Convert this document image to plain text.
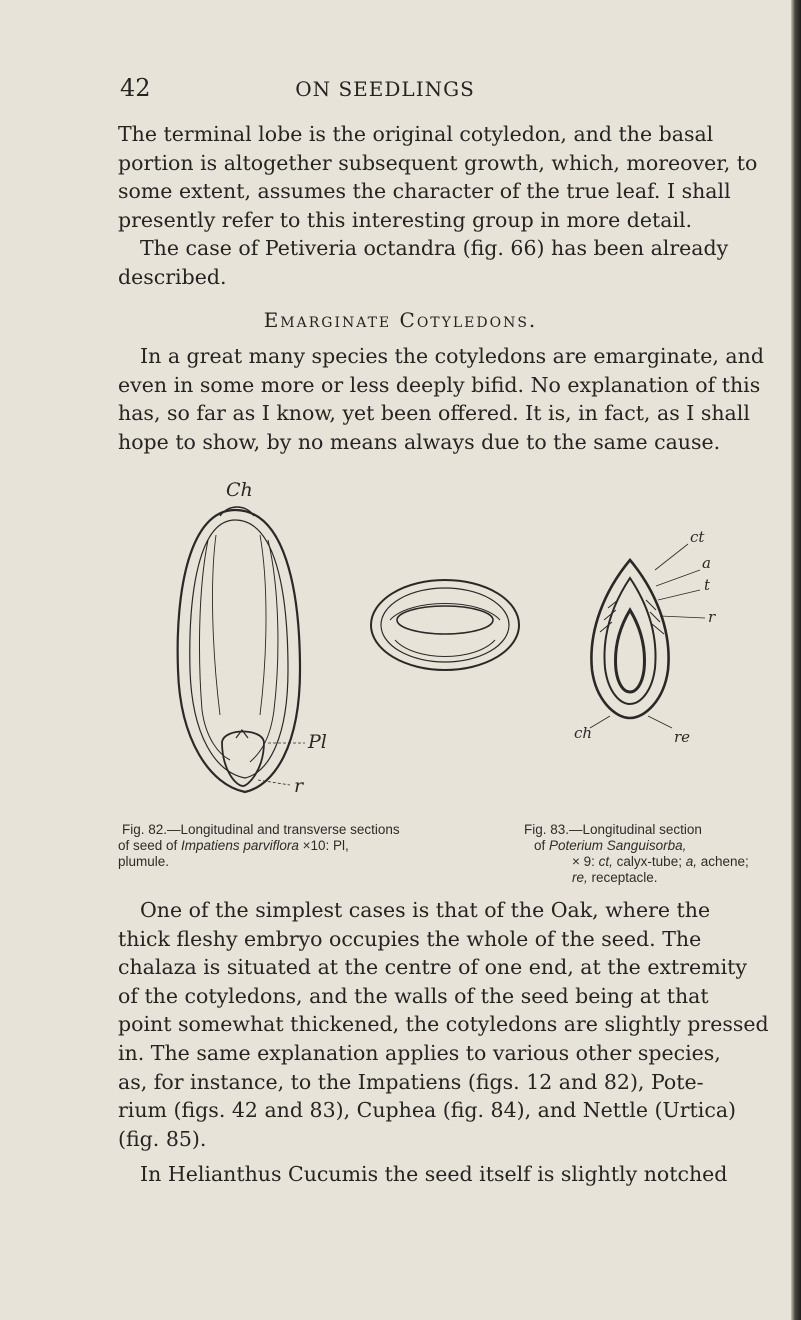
42	ON SEEDLINGS

The terminal lobe is the original cotyledon, and the basal
portion is altogether subsequent growth, which, moreover, to
some extent, assumes the character of the true leaf. I shall
presently refer to this interesting group in more detail.
The case of Petiveria octandra (fig. 66) has been already
described.

Emarginate Cotyledons.

In a great many species the cotyledons are emarginate, and
even in some more or less deeply bifid. No explanation of this
has, so far as I know, yet been offered. It is, in fact, as I shall
hope to show, by no means always due to the same cause.

Ch
Pl
r
ct
a
t
r
ch	re
Fig. 82.—Longitudinal and transverse sections
of seed of Impatiens parviflora ×10: Pl,
plumule.
Fig. 83.—Longitudinal section
of Poterium Sanguisorba,
× 9: ct, calyx-tube; a, achene;
re, receptacle.

One of the simplest cases is that of the Oak, where the
thick fleshy embryo occupies the whole of the seed. The
chalaza is situated at the centre of one end, at the extremity
of the cotyledons, and the walls of the seed being at that
point somewhat thickened, the cotyledons are slightly pressed
in. The same explanation applies to various other species,
as, for instance, to the Impatiens (figs. 12 and 82), Pote-
rium (figs. 42 and 83), Cuphea (fig. 84), and Nettle (Urtica)
(fig. 85).

In Helianthus Cucumis the seed itself is slightly notched
